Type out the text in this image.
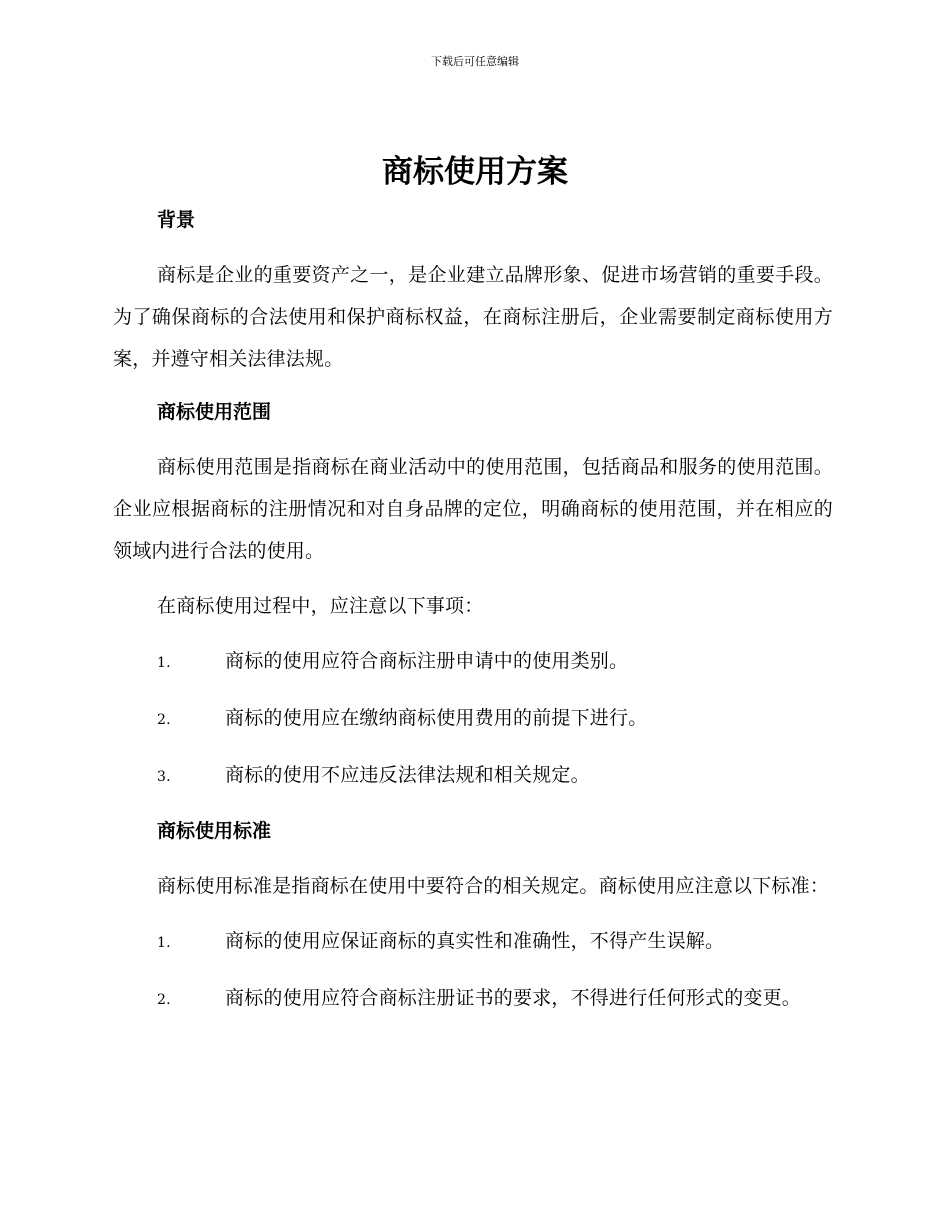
下载后可任意编辑
商标使用方案

背景

商标是企业的重要资产之一，是企业建立品牌形象、促进市场营销的重要手段。为了确保商标的合法使用和保护商标权益，在商标注册后，企业需要制定商标使用方案，并遵守相关法律法规。

商标使用范围

商标使用范围是指商标在商业活动中的使用范围，包括商品和服务的使用范围。企业应根据商标的注册情况和对自身品牌的定位，明确商标的使用范围，并在相应的领域内进行合法的使用。

在商标使用过程中，应注意以下事项：

1.	商标的使用应符合商标注册申请中的使用类别。
2.	商标的使用应在缴纳商标使用费用的前提下进行。
3.	商标的使用不应违反法律法规和相关规定。

商标使用标准

商标使用标准是指商标在使用中要符合的相关规定。商标使用应注意以下标准：

1.	商标的使用应保证商标的真实性和准确性，不得产生误解。
2.	商标的使用应符合商标注册证书的要求，不得进行任何形式的变更。
